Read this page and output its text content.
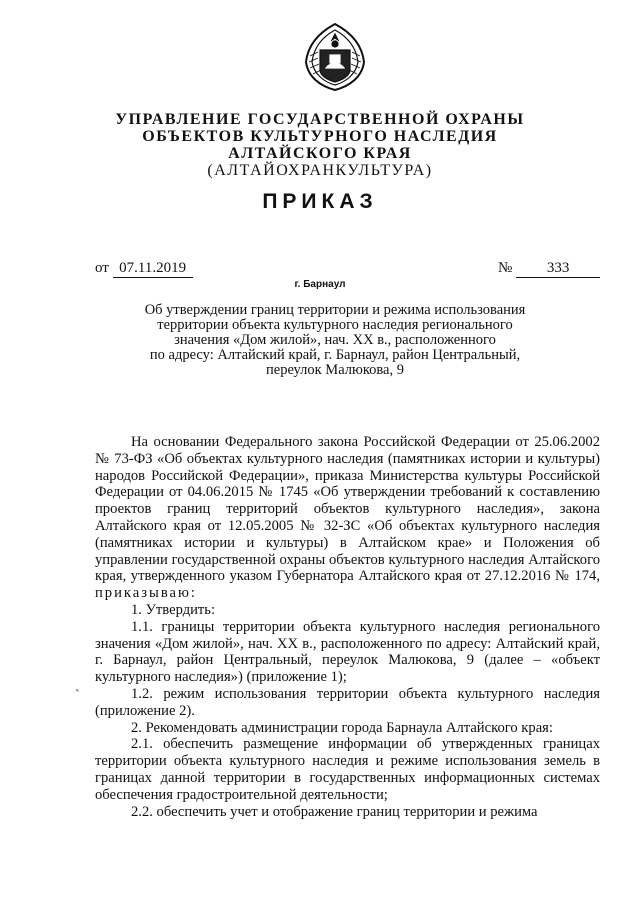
УПРАВЛЕНИЕ ГОСУДАРСТВЕННОЙ ОХРАНЫ
ОБЪЕКТОВ КУЛЬТУРНОГО НАСЛЕДИЯ
АЛТАЙСКОГО КРАЯ
(АЛТАЙОХРАНКУЛЬТУРА)
ПРИКАЗ
от 07.11.2019	№ 333
г. Барнаул
Об утверждении границ территории и режима использования
территории объекта культурного наследия регионального
значения «Дом жилой», нач. XX в., расположенного
по адресу: Алтайский край, г. Барнаул, район Центральный,
переулок Малюкова, 9

На основании Федерального закона Российской Федерации от 25.06.2002 № 73-ФЗ «Об объектах культурного наследия (памятниках истории и культуры) народов Российской Федерации», приказа Министерства культуры Российской Федерации от 04.06.2015 № 1745 «Об утверждении требований к составлению проектов границ территорий объектов культурного наследия», закона Алтайского края от 12.05.2005 № 32-ЗС «Об объектах культурного наследия (памятниках истории и культуры) в Алтайском крае» и Положения об управлении государственной охраны объектов культурного наследия Алтайского края, утвержденного указом Губернатора Алтайского края от 27.12.2016 № 174, приказываю:

1. Утвердить:

1.1. границы территории объекта культурного наследия регионального значения «Дом жилой», нач. XX в., расположенного по адресу: Алтайский край, г. Барнаул, район Центральный, переулок Малюкова, 9 (далее – «объект культурного наследия») (приложение 1);

1.2. режим использования территории объекта культурного наследия (приложение 2).

2. Рекомендовать администрации города Барнаула Алтайского края:

2.1. обеспечить размещение информации об утвержденных границах территории объекта культурного наследия и режиме использования земель в границах данной территории в государственных информационных системах обеспечения градостроительной деятельности;

2.2. обеспечить учет и отображение границ территории и режима

`
